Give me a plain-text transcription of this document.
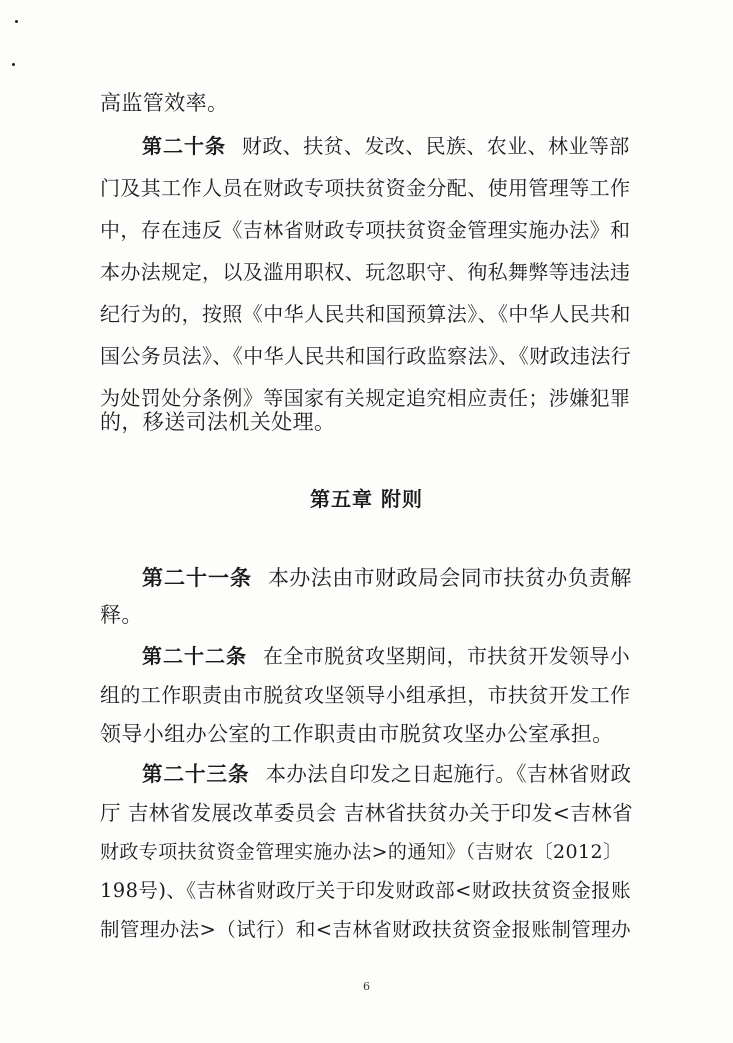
高监管效率。
第二十条 财政、扶贫、发改、民族、农业、林业等部
门及其工作人员在财政专项扶贫资金分配、使用管理等工作
中，存在违反《吉林省财政专项扶贫资金管理实施办法》和
本办法规定，以及滥用职权、玩忽职守、徇私舞弊等违法违
纪行为的，按照《中华人民共和国预算法》、《中华人民共和
国公务员法》、《中华人民共和国行政监察法》、《财政违法行
为处罚处分条例》等国家有关规定追究相应责任；涉嫌犯罪
的，移送司法机关处理。
第五章 附则
第二十一条 本办法由市财政局会同市扶贫办负责解
释。
第二十二条 在全市脱贫攻坚期间，市扶贫开发领导小
组的工作职责由市脱贫攻坚领导小组承担，市扶贫开发工作
领导小组办公室的工作职责由市脱贫攻坚办公室承担。
第二十三条 本办法自印发之日起施行。《吉林省财政
厅 吉林省发展改革委员会 吉林省扶贫办关于印发<吉林省
财政专项扶贫资金管理实施办法>的通知》（吉财农〔2012〕
198号)、《吉林省财政厅关于印发财政部<财政扶贫资金报账
制管理办法>（试行）和<吉林省财政扶贫资金报账制管理办
6
